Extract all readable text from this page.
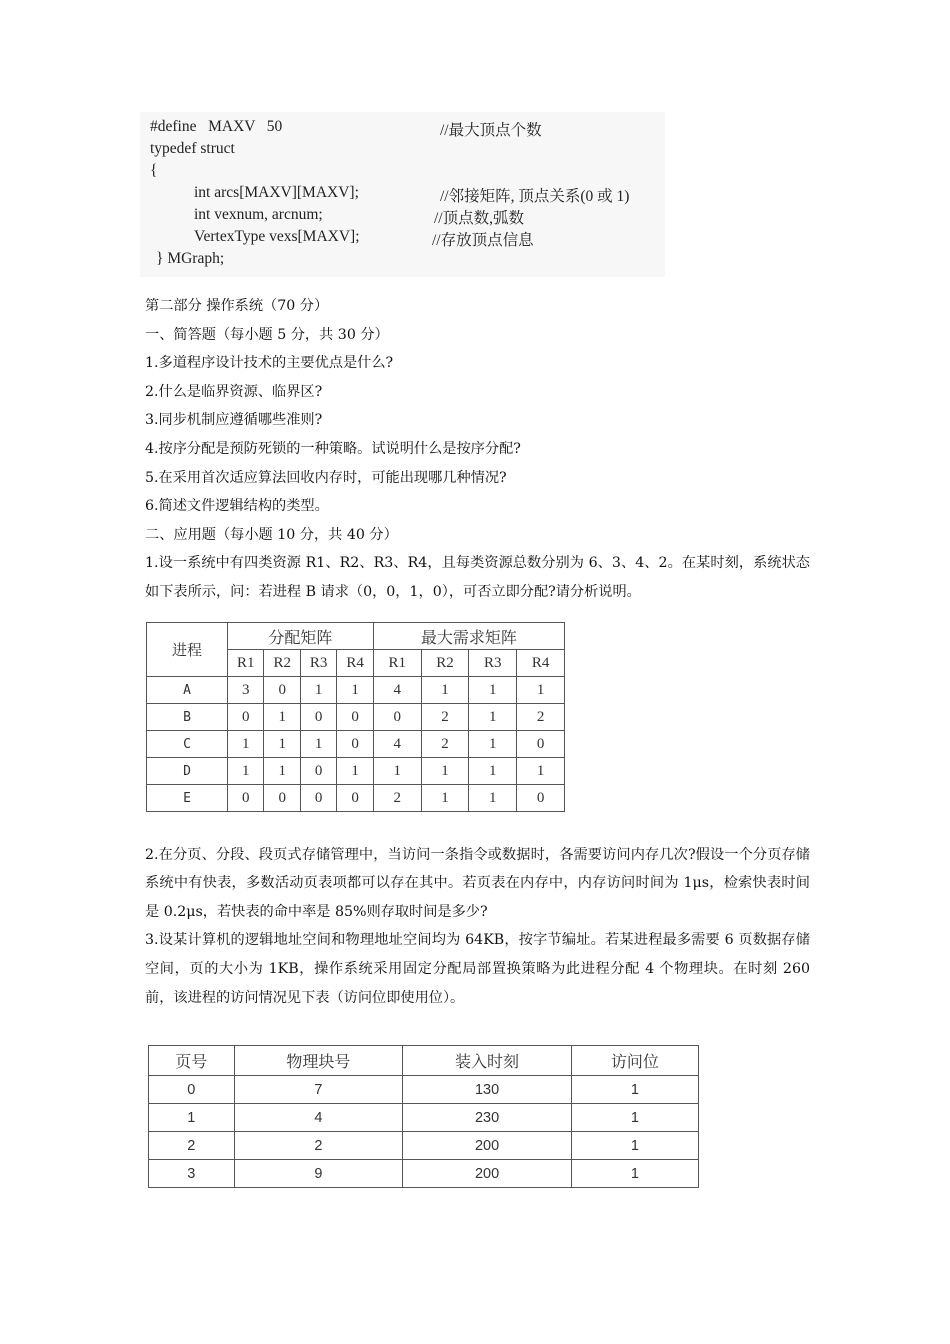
#define   MAXV   50	//最大顶点个数
typedef struct
{
int arcs[MAXV][MAXV];	//邻接矩阵, 顶点关系(0 或 1)
int vexnum, arcnum;	//顶点数,弧数
VertexType vexs[MAXV];	//存放顶点信息
} MGraph;

第二部分 操作系统（70 分）

一、简答题（每小题 5 分，共 30 分）

1.多道程序设计技术的主要优点是什么?

2.什么是临界资源、临界区?

3.同步机制应遵循哪些准则?

4.按序分配是预防死锁的一种策略。试说明什么是按序分配?

5.在采用首次适应算法回收内存时，可能出现哪几种情况?

6.简述文件逻辑结构的类型。

二、应用题（每小题 10 分，共 40 分）

1.设一系统中有四类资源 R1、R2、R3、R4，且每类资源总数分别为 6、3、4、2。在某时刻，系统状态如下表所示，问：若进程 B 请求（0，0，1，0），可否立即分配?请分析说明。

2.在分页、分段、段页式存储管理中，当访问一条指令或数据时，各需要访问内存几次?假设一个分页存储系统中有快表，多数活动页表项都可以存在其中。若页表在内存中，内存访问时间为 1μs，检索快表时间是 0.2μs，若快表的命中率是 85%则存取时间是多少?

3.设某计算机的逻辑地址空间和物理地址空间均为 64KB，按字节编址。若某进程最多需要 6 页数据存储空间，页的大小为 1KB，操作系统采用固定分配局部置换策略为此进程分配 4 个物理块。在时刻 260 前，该进程的访问情况见下表（访问位即使用位）。

进程	分配矩阵				最大需求矩阵			
	R1	R2	R3	R4	R1	R2	R3	R4
A	3	0	1	1	4	1	1	1
B	0	1	0	0	0	2	1	2
C	1	1	1	0	4	2	1	0
D	1	1	0	1	1	1	1	1
E	0	0	0	0	2	1	1	0
页号	物理块号	装入时刻	访问位
0	7	130	1
1	4	230	1
2	2	200	1
3	9	200	1
